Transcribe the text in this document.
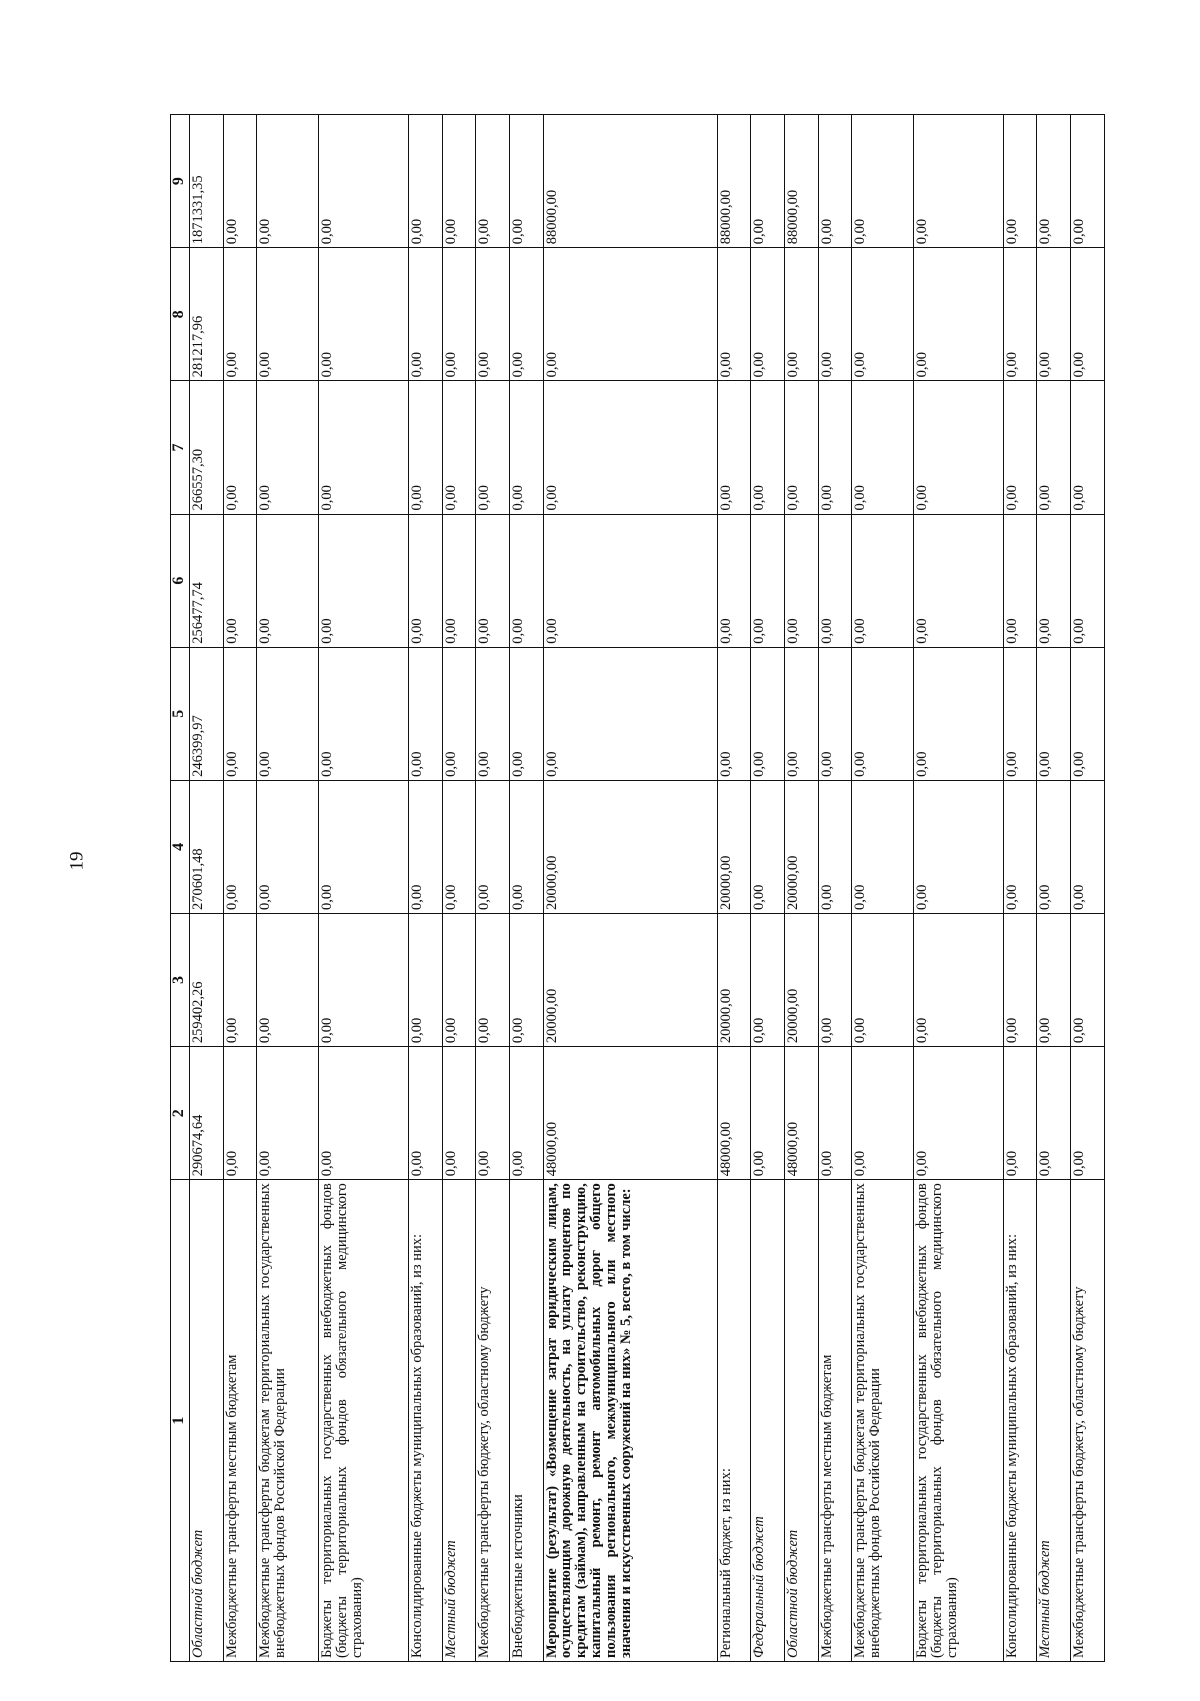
19
1	2	3	4	5	6	7	8	9
Областной бюджет	290674,64	259402,26	270601,48	246399,97	256477,74	266557,30	281217,96	1871331,35
Межбюджетные трансферты местным бюджетам	0,00	0,00	0,00	0,00	0,00	0,00	0,00	0,00
Межбюджетные трансферты бюджетам территориальных государственных внебюджетных фондов Российской Федерации	0,00	0,00	0,00	0,00	0,00	0,00	0,00	0,00
Бюджеты территориальных государственных внебюджетных фондов (бюджеты территориальных фондов обязательного медицинского страхования)	0,00	0,00	0,00	0,00	0,00	0,00	0,00	0,00
Консолидированные бюджеты муниципальных образований, из них:	0,00	0,00	0,00	0,00	0,00	0,00	0,00	0,00
Местный бюджет	0,00	0,00	0,00	0,00	0,00	0,00	0,00	0,00
Межбюджетные трансферты бюджету, областному бюджету	0,00	0,00	0,00	0,00	0,00	0,00	0,00	0,00
Внебюджетные источники	0,00	0,00	0,00	0,00	0,00	0,00	0,00	0,00
Мероприятие (результат) «Возмещение затрат юридическим лицам, осуществляющим дорожную деятельность, на уплату процентов по кредитам (займам), направленным на строительство, реконструкцию, капитальный ремонт, ремонт автомобильных дорог общего пользования регионального, межмуниципального или местного значения и искусственных сооружений на них» № 5, всего, в том числе:	48000,00	20000,00	20000,00	0,00	0,00	0,00	0,00	88000,00
Региональный бюджет, из них:	48000,00	20000,00	20000,00	0,00	0,00	0,00	0,00	88000,00
Федеральный бюджет	0,00	0,00	0,00	0,00	0,00	0,00	0,00	0,00
Областной бюджет	48000,00	20000,00	20000,00	0,00	0,00	0,00	0,00	88000,00
Межбюджетные трансферты местным бюджетам	0,00	0,00	0,00	0,00	0,00	0,00	0,00	0,00
Межбюджетные трансферты бюджетам территориальных государственных внебюджетных фондов Российской Федерации	0,00	0,00	0,00	0,00	0,00	0,00	0,00	0,00
Бюджеты территориальных государственных внебюджетных фондов (бюджеты территориальных фондов обязательного медицинского страхования)	0,00	0,00	0,00	0,00	0,00	0,00	0,00	0,00
Консолидированные бюджеты муниципальных образований, из них:	0,00	0,00	0,00	0,00	0,00	0,00	0,00	0,00
Местный бюджет	0,00	0,00	0,00	0,00	0,00	0,00	0,00	0,00
Межбюджетные трансферты бюджету, областному бюджету	0,00	0,00	0,00	0,00	0,00	0,00	0,00	0,00
